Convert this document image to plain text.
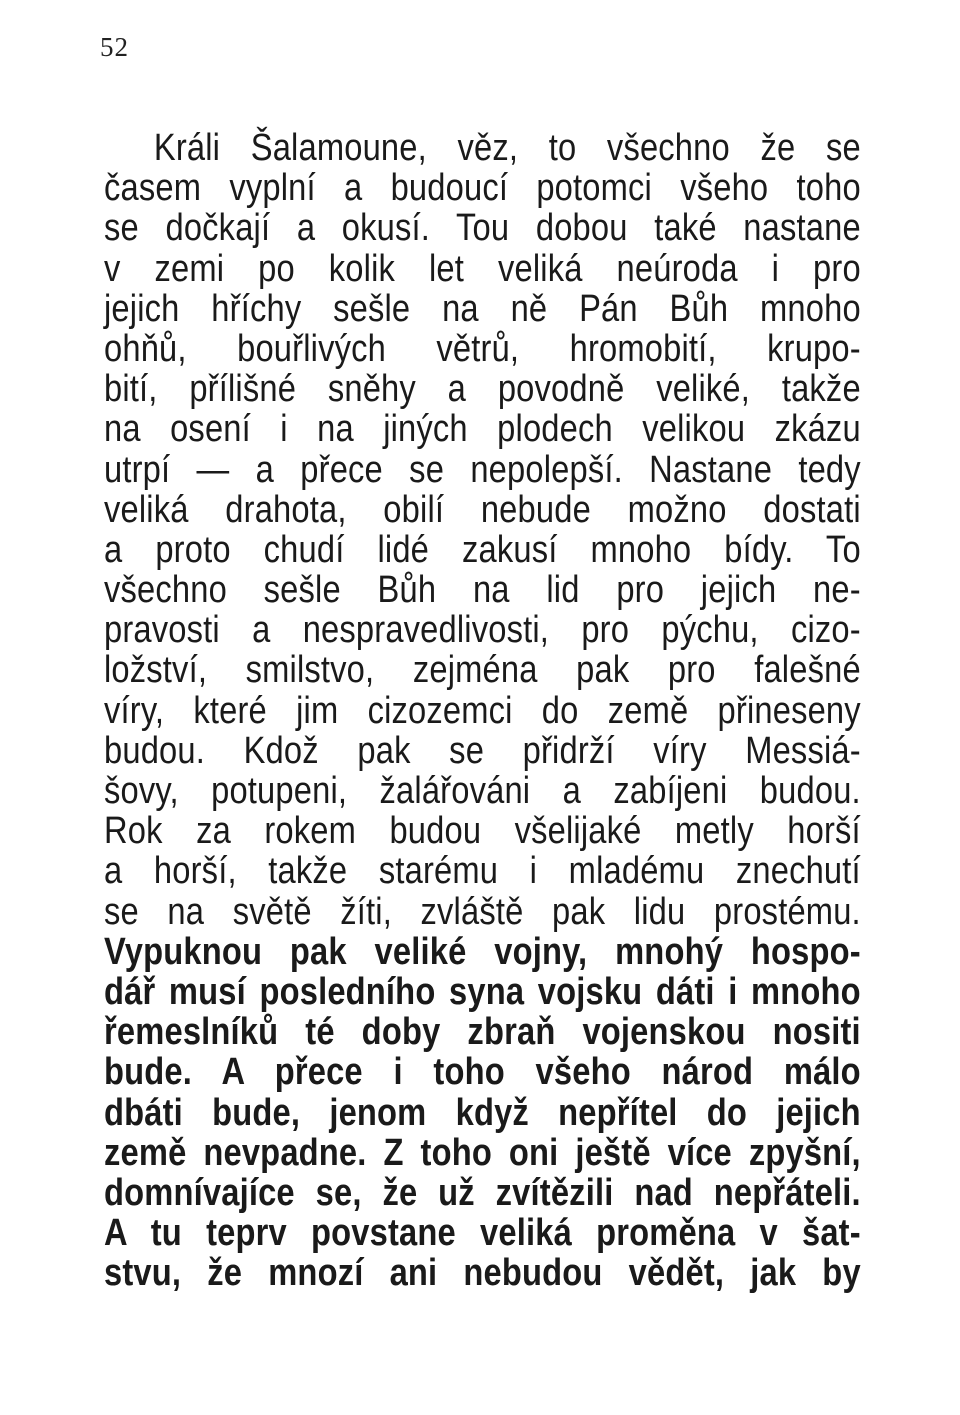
52
Králi Šalamoune, věz, to všechno že se
časem vyplní a budoucí potomci všeho toho
se dočkají a okusí. Tou dobou také nastane
v zemi po kolik let veliká neúroda i pro
jejich hříchy sešle na ně Pán Bůh mnoho
ohňů, bouřlivých větrů, hromobití, krupo-
bití, přílišné sněhy a povodně veliké, takže
na osení i na jiných plodech velikou zkázu
utrpí — a přece se nepolepší. Nastane tedy
veliká drahota, obilí nebude možno dostati
a proto chudí lidé zakusí mnoho bídy. To
všechno sešle Bůh na lid pro jejich ne-
pravosti a nespravedlivosti, pro pýchu, cizo-
ložství, smilstvo, zejména pak pro falešné
víry, které jim cizozemci do země přineseny
budou. Kdož pak se přidrží víry Messiá-
šovy, potupeni, žalářováni a zabíjeni budou.
Rok za rokem budou všelijaké metly horší
a horší, takže starému i mladému znechutí
se na světě žíti, zvláště pak lidu prostému.
Vypuknou pak veliké vojny, mnohý hospo-
dář musí posledního syna vojsku dáti i mnoho
řemeslníků té doby zbraň vojenskou nositi
bude. A přece i toho všeho národ málo
dbáti bude, jenom když nepřítel do jejich
země nevpadne. Z toho oni ještě více zpyšní,
domnívajíce se, že už zvítězili nad nepřáteli.
A tu teprv povstane veliká proměna v šat-
stvu, že mnozí ani nebudou vědět, jak by
